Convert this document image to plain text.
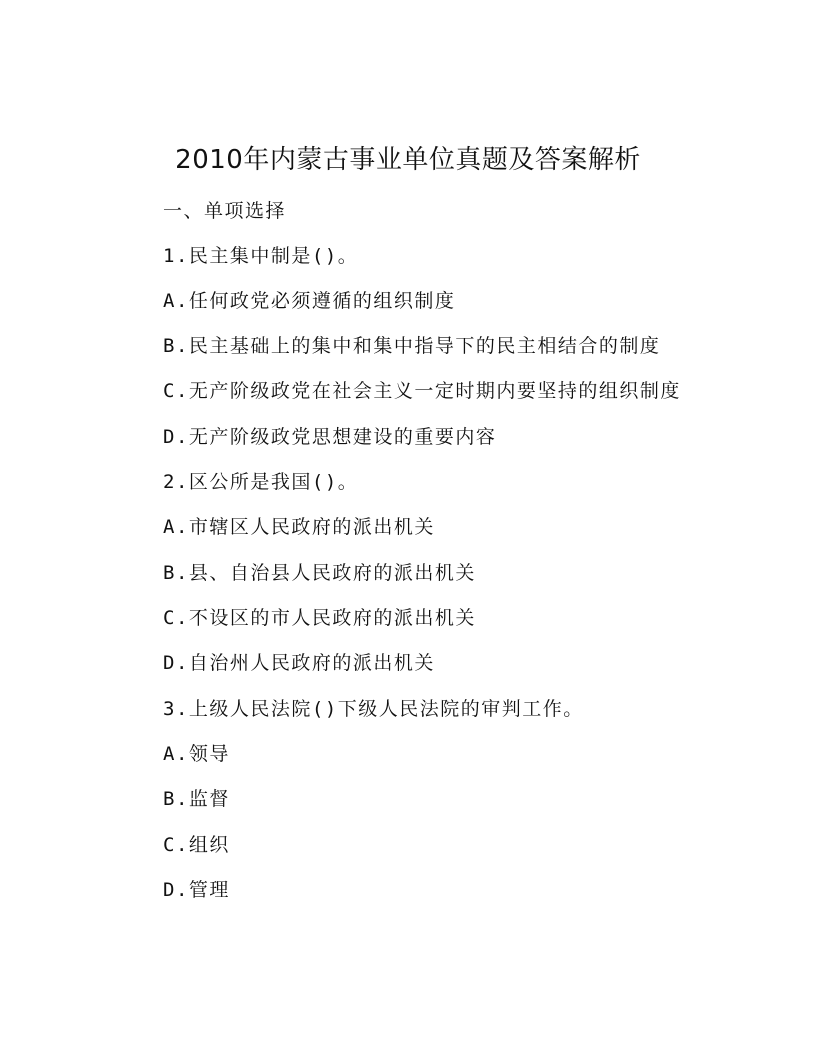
2010年内蒙古事业单位真题及答案解析

一、单项选择

1.民主集中制是()。

A.任何政党必须遵循的组织制度

B.民主基础上的集中和集中指导下的民主相结合的制度

C.无产阶级政党在社会主义一定时期内要坚持的组织制度

D.无产阶级政党思想建设的重要内容

2.区公所是我国()。

A.市辖区人民政府的派出机关

B.县、自治县人民政府的派出机关

C.不设区的市人民政府的派出机关

D.自治州人民政府的派出机关

3.上级人民法院()下级人民法院的审判工作。

A.领导

B.监督

C.组织

D.管理
